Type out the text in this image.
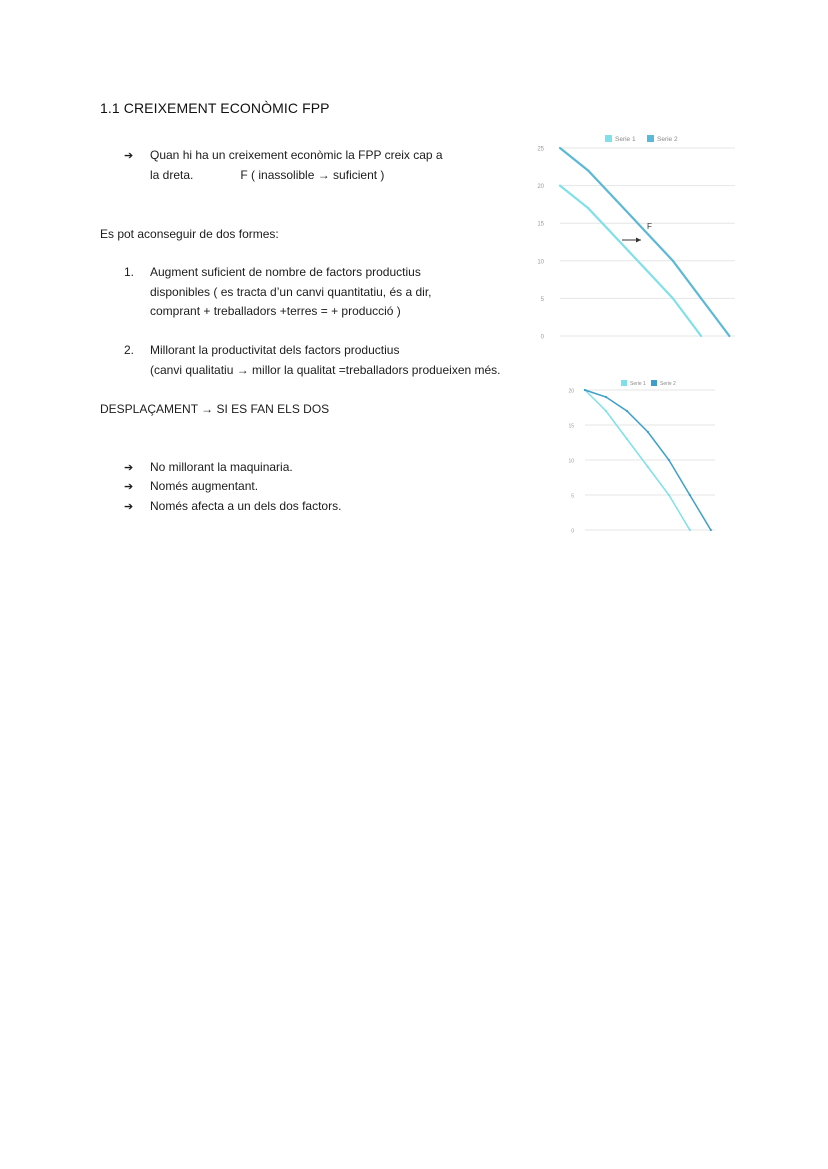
1.1 CREIXEMENT ECONÒMIC FPP
➔ Quan hi ha un creixement econòmic la FPP creix cap a
la dreta.	F ( inassolible → suficient )
Es pot aconseguir de dos formes:
1. Augment suficient de nombre de factors productius
disponibles ( es tracta d’un canvi quantitatiu, és a dir,
comprant + treballadors +terres = + producció )
2. Millorant la productivitat dels factors productius
(canvi qualitatiu → millor la qualitat =treballadors produeixen més.
DESPLAÇAMENT → SI ES FAN ELS DOS
➔ No millorant la maquinaria.
➔ Només augmentant.
➔ Només afecta a un dels dos factors.
0
5
10
15
20
25
Serie 1	Serie 2
F
0
5
10
15
20
Serie 1	Serie 2
